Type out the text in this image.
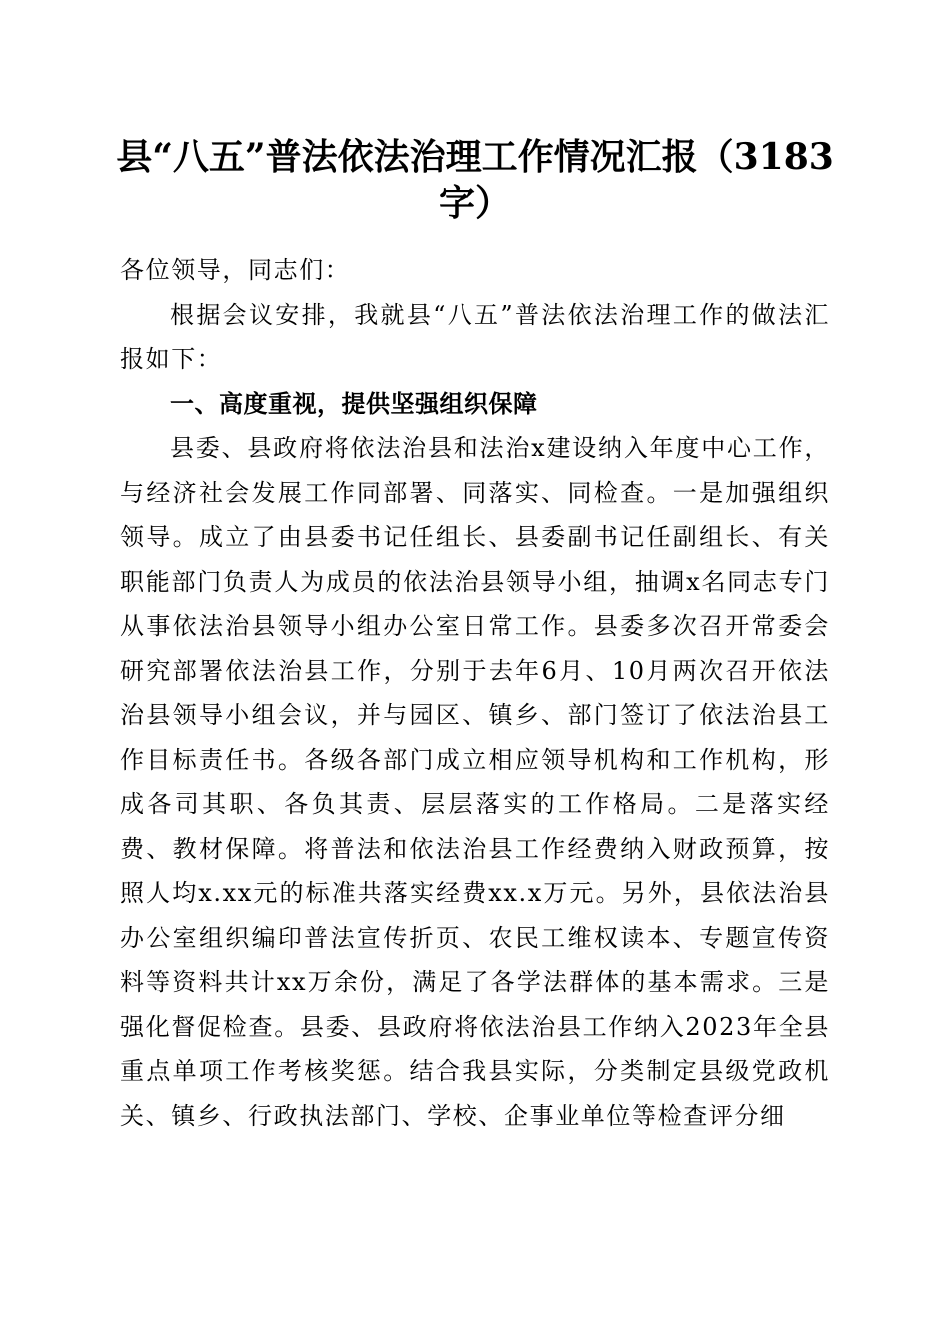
县“八五”普法依法治理工作情况汇报（3183字）

各位领导，同志们：

根据会议安排，我就县“八五”普法依法治理工作的做法汇报如下：

一、高度重视，提供坚强组织保障

县委、县政府将依法治县和法治x建设纳入年度中心工作，与经济社会发展工作同部署、同落实、同检查。一是加强组织领导。成立了由县委书记任组长、县委副书记任副组长、有关职能部门负责人为成员的依法治县领导小组，抽调x名同志专门从事依法治县领导小组办公室日常工作。县委多次召开常委会研究部署依法治县工作，分别于去年6月、10月两次召开依法治县领导小组会议，并与园区、镇乡、部门签订了依法治县工作目标责任书。各级各部门成立相应领导机构和工作机构，形成各司其职、各负其责、层层落实的工作格局。二是落实经费、教材保障。将普法和依法治县工作经费纳入财政预算，按照人均x.xx元的标准共落实经费xx.x万元。另外，县依法治县办公室组织编印普法宣传折页、农民工维权读本、专题宣传资料等资料共计xx万余份，满足了各学法群体的基本需求。三是强化督促检查。县委、县政府将依法治县工作纳入2023年全县重点单项工作考核奖惩。结合我县实际，分类制定县级党政机关、镇乡、行政执法部门、学校、企事业单位等检查评分细
